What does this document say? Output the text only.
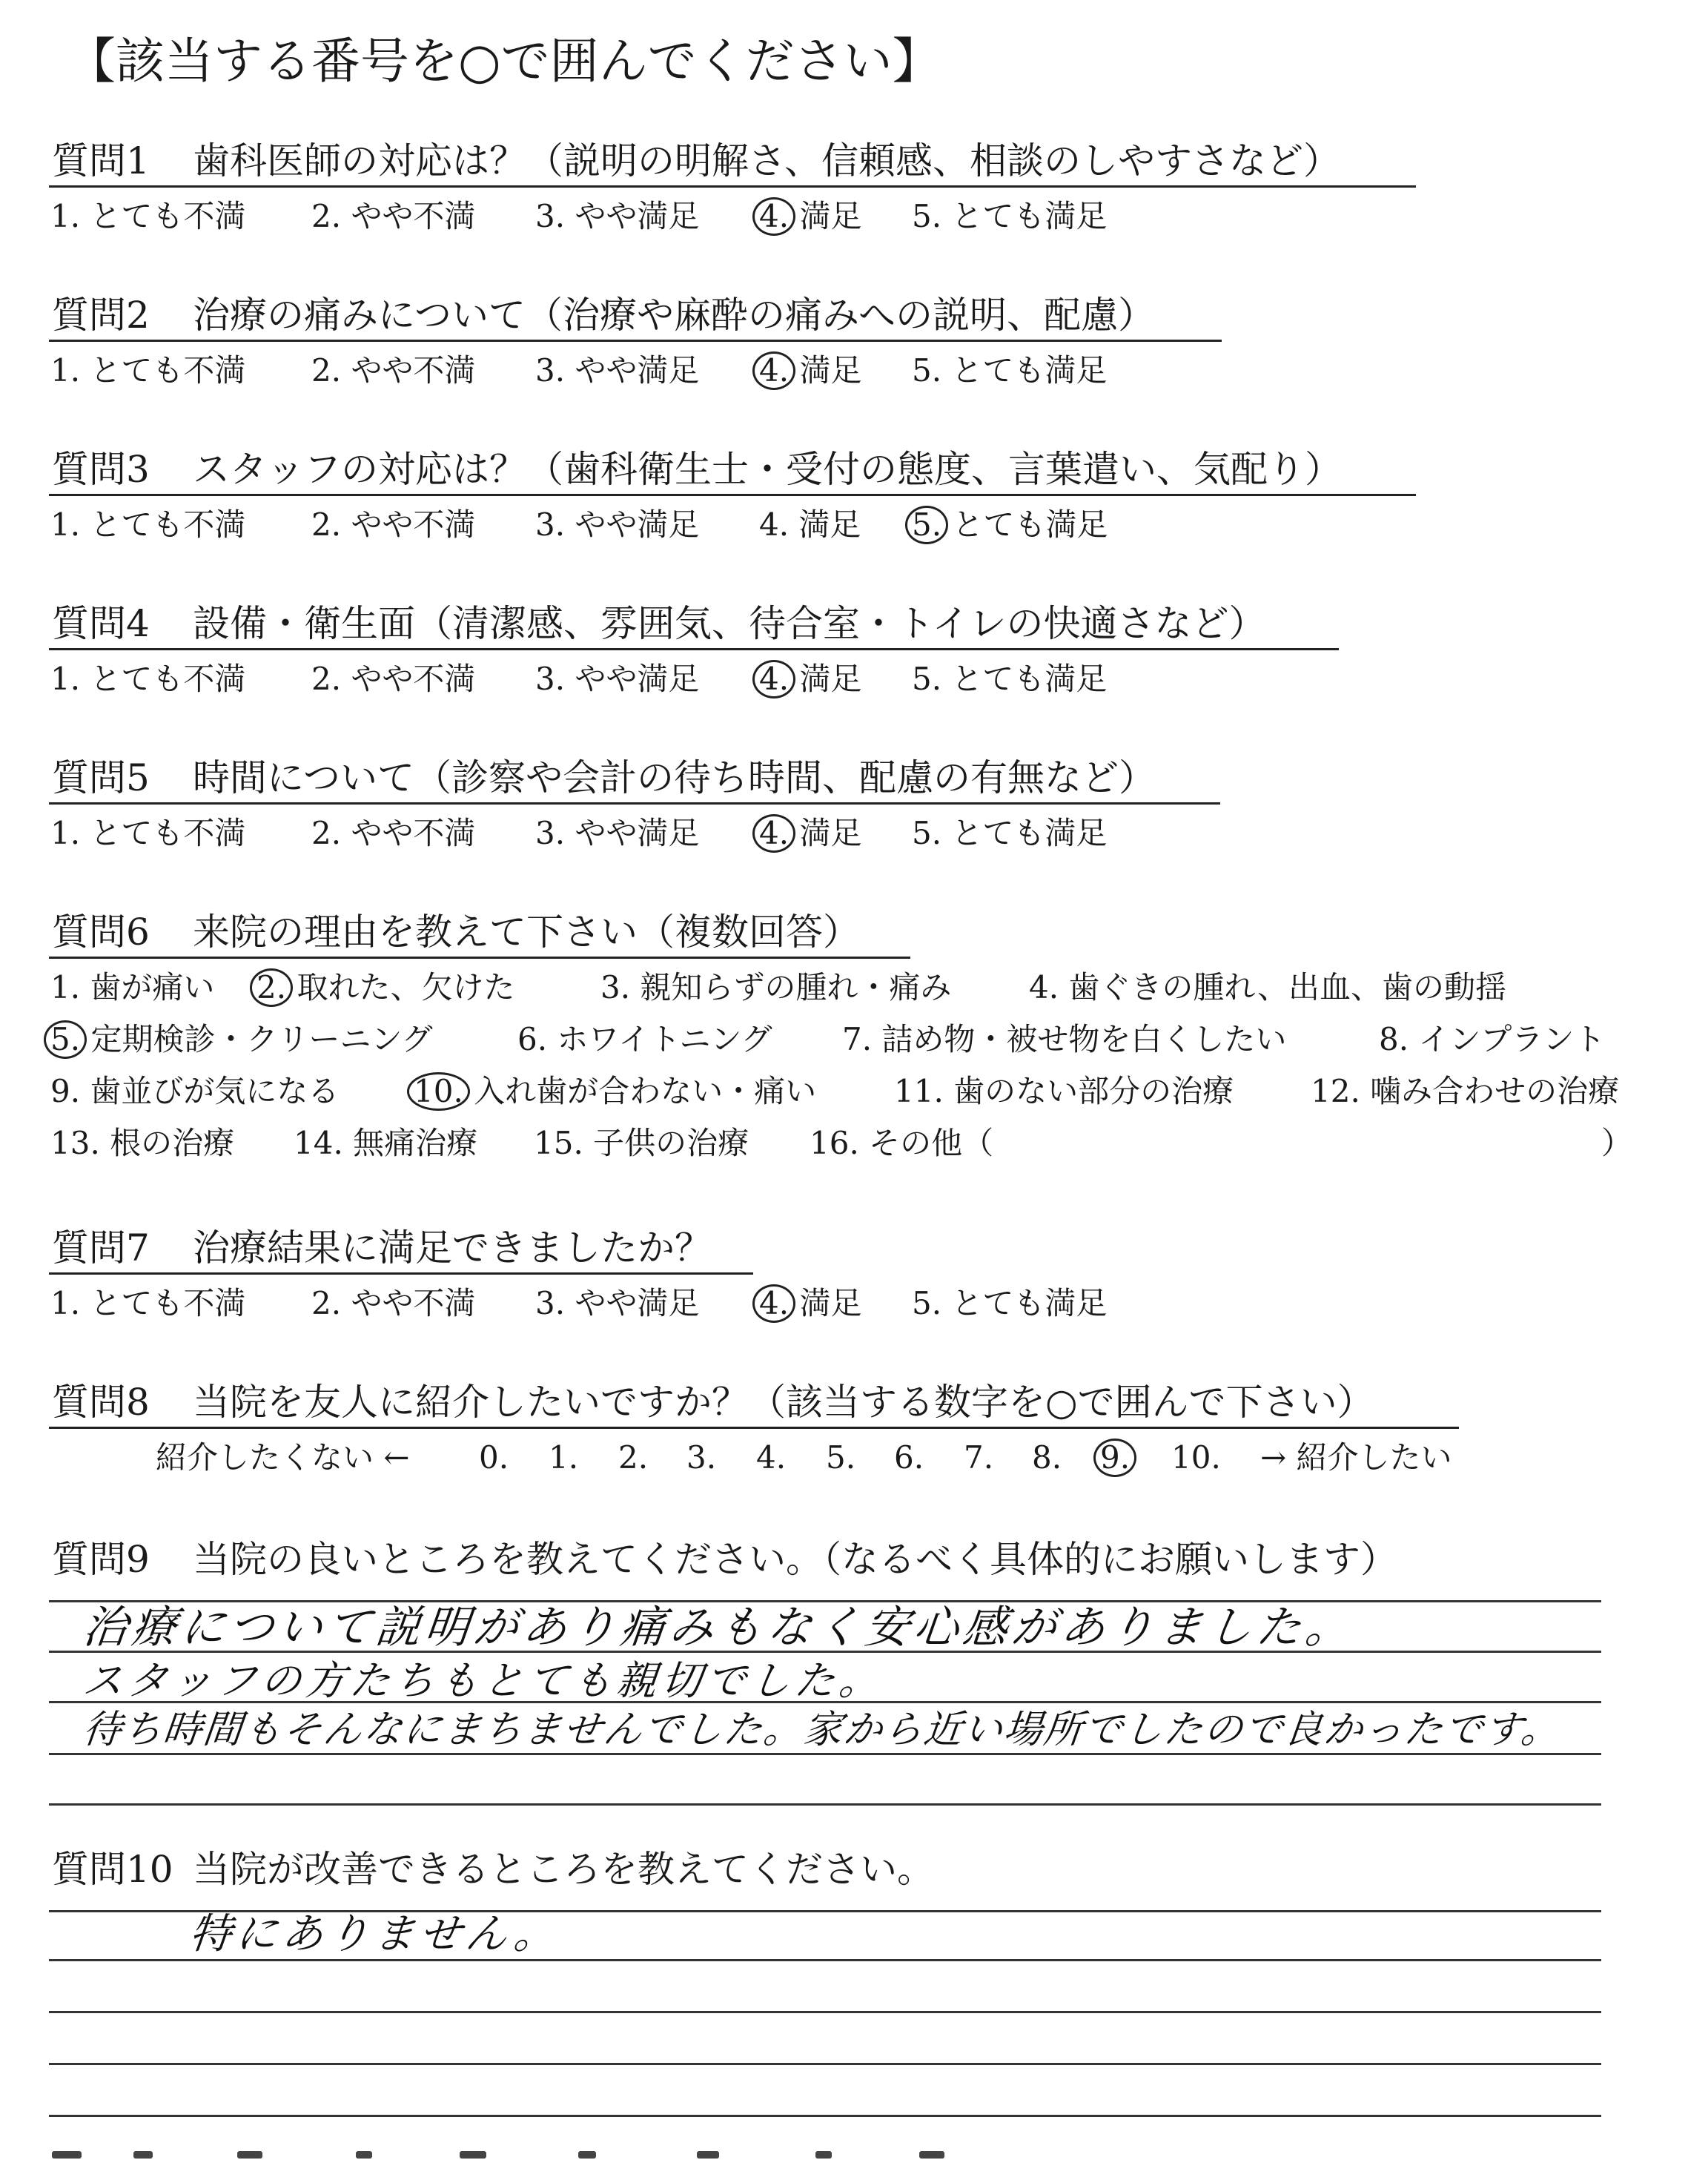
【該当する番号を○で囲んでください】
質問1 歯科医師の対応は？（説明の明解さ、信頼感、相談のしやすさなど）
1. とても不満 2. やや不満 3. やや満足 4. 満足 5. とても満足
質問2 治療の痛みについて（治療や麻酔の痛みへの説明、配慮）
1. とても不満 2. やや不満 3. やや満足 4. 満足 5. とても満足
質問3 スタッフの対応は？（歯科衛生士・受付の態度、言葉遣い、気配り）
1. とても不満 2. やや不満 3. やや満足 4. 満足 5. とても満足
質問4 設備・衛生面（清潔感、雰囲気、待合室・トイレの快適さなど）
1. とても不満 2. やや不満 3. やや満足 4. 満足 5. とても満足
質問5 時間について（診察や会計の待ち時間、配慮の有無など）
1. とても不満 2. やや不満 3. やや満足 4. 満足 5. とても満足
質問6 来院の理由を教えて下さい（複数回答）
1. 歯が痛い 2. 取れた、欠けた	3. 親知らずの腫れ・痛み 4. 歯ぐきの腫れ、出血、歯の動揺
5. 定期検診・クリーニング	6. ホワイトニング 7. 詰め物・被せ物を白くしたい	8. インプラント
9. 歯並びが気になる 10. 入れ歯が合わない・痛い 11. 歯のない部分の治療 12. 噛み合わせの治療
13. 根の治療 14. 無痛治療 15. 子供の治療 16. その他（	）
質問7 治療結果に満足できましたか？
1. とても不満 2. やや不満 3. やや満足 4. 満足 5. とても満足
質問8 当院を友人に紹介したいですか？（該当する数字を○で囲んで下さい）
紹介したくない ← 0. 1. 2. 3. 4. 5. 6. 7. 8. 9. 10. → 紹介したい
質問9 当院の良いところを教えてください。（なるべく具体的にお願いします）
治療について説明があり痛みもなく安心感がありました。
スタッフの方たちもとても親切でした。
待ち時間もそんなにまちませんでした。家から近い場所でしたので良かったです。
質問10 当院が改善できるところを教えてください。
特にありません。
